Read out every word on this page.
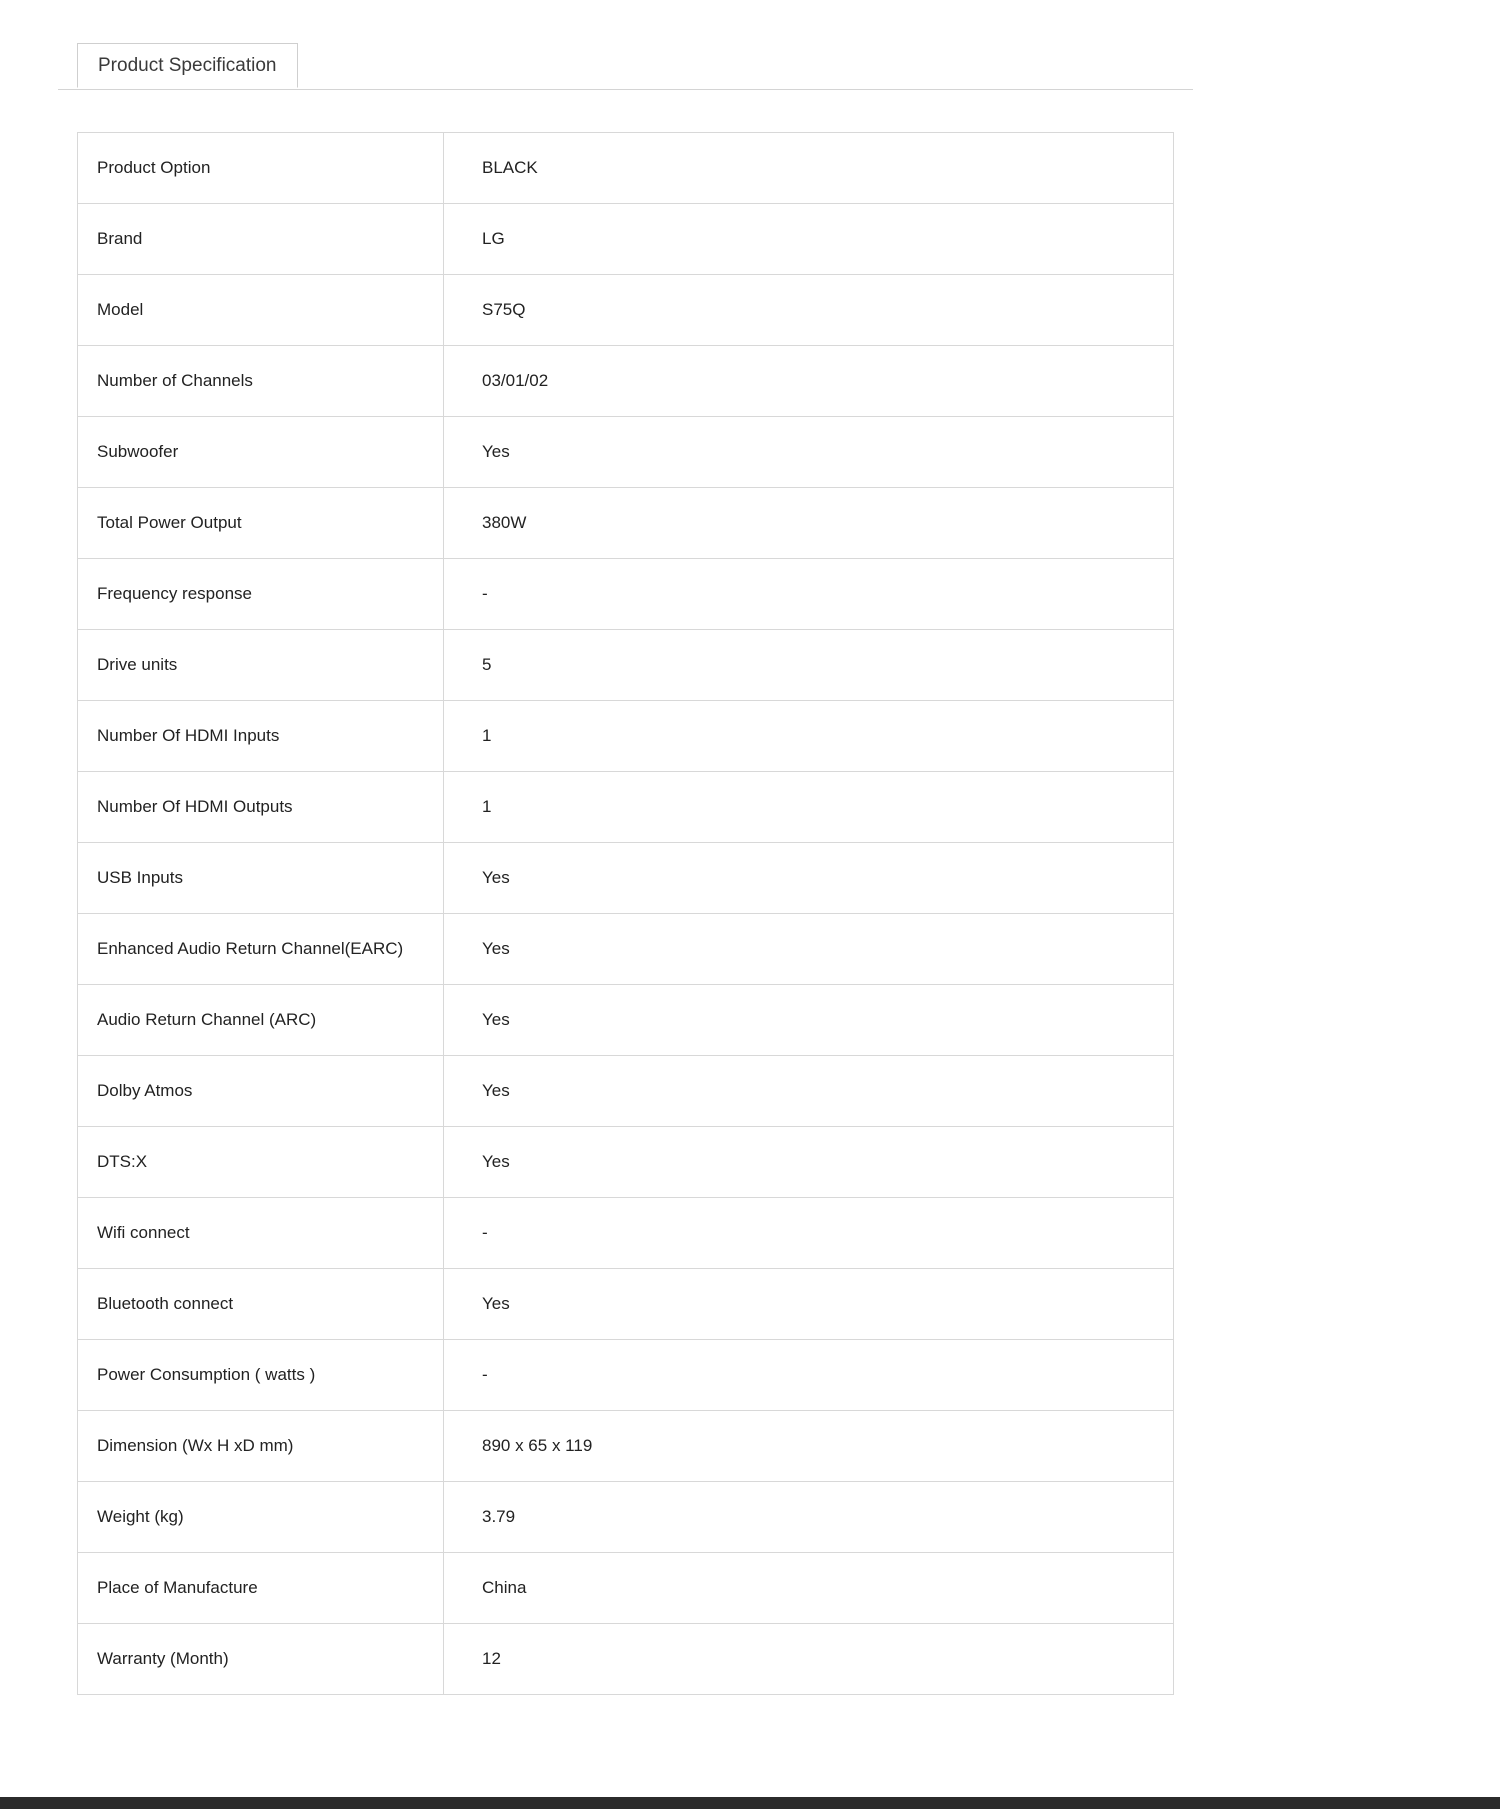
Product Specification
Product Option	BLACK
Brand	LG
Model	S75Q
Number of Channels	03/01/02
Subwoofer	Yes
Total Power Output	380W
Frequency response	-
Drive units	5
Number Of HDMI Inputs	1
Number Of HDMI Outputs	1
USB Inputs	Yes
Enhanced Audio Return Channel(EARC)	Yes
Audio Return Channel (ARC)	Yes
Dolby Atmos	Yes
DTS:X	Yes
Wifi connect	-
Bluetooth connect	Yes
Power Consumption ( watts )	-
Dimension (Wx H xD mm)	890 x 65 x 119
Weight (kg)	3.79
Place of Manufacture	China
Warranty (Month)	12
